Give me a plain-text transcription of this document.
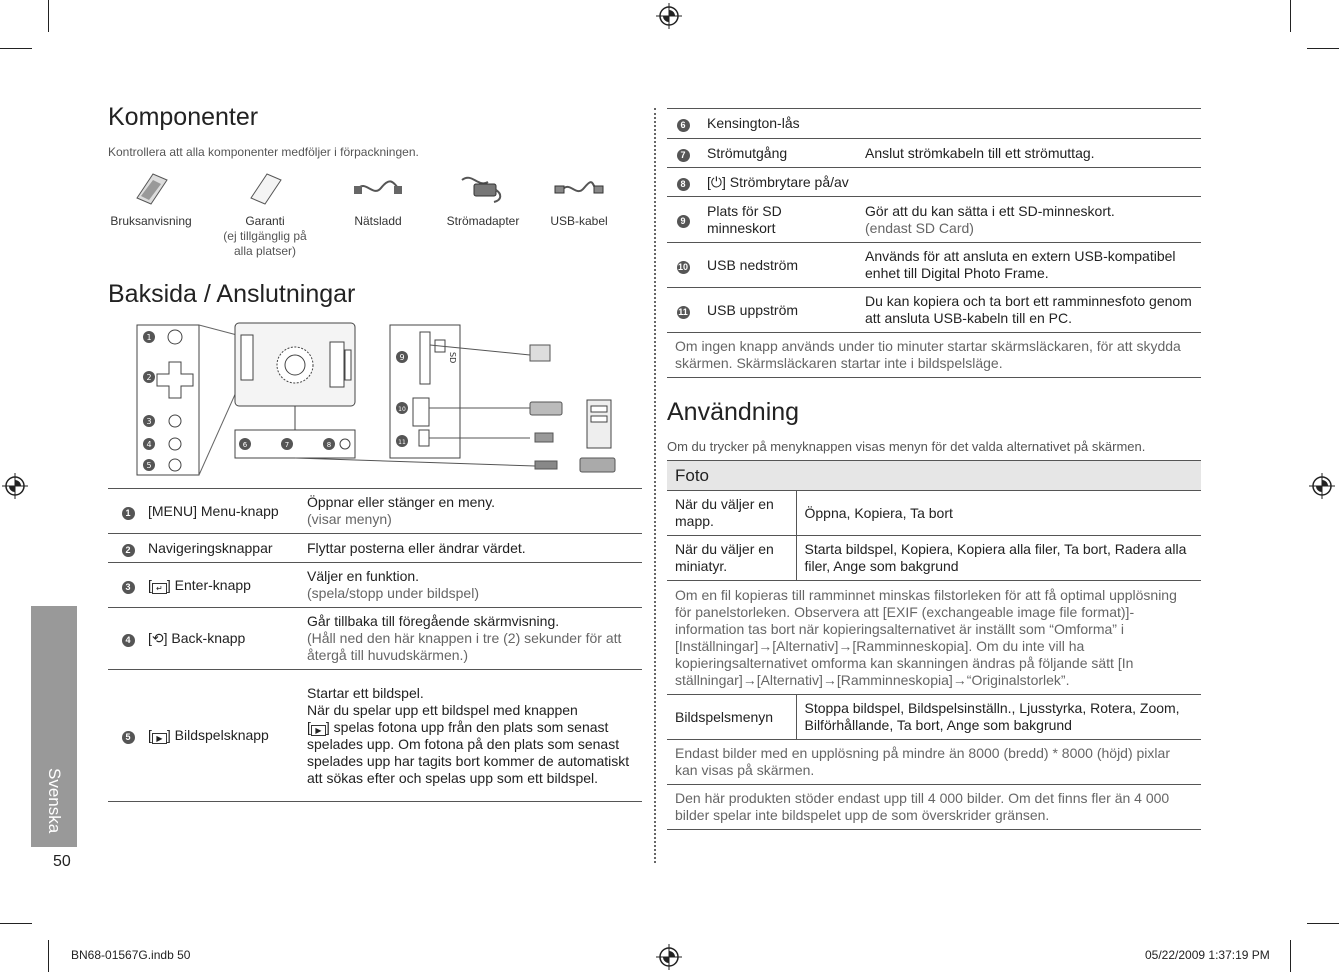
Komponenter
Kontrollera att alla komponenter medföljer i förpackningen.
Bruksanvisning	Garanti
(ej tillgänglig på
alla platser)
Nätsladd	Strömadapter	USB-kabel
Baksida / Anslutningar
1
2
3
4
5
6	7	8
SD
9
10
11
1	[MENU] Menu-knapp	Öppnar eller stänger en meny.
(visar menyn)

2	Navigeringsknappar	Flyttar posterna eller ändrar värdet.
3	[ ↵ ] Enter-knapp	Väljer en funktion.
(spela/stopp under bildspel)

4	[⟲] Back-knapp	Går tillbaka till föregående skärmvisning.
(Håll ned den här knappen i tre (2) sekunder för att återgå till huvudskärmen.)

5	[ ▶ ] Bildspelsknapp	Startar ett bildspel.
När du spelar upp ett bildspel med knappen
[ ▶ ] spelas fotona upp från den plats som senast spelades upp. Om fotona på den plats som senast spelades upp har tagits bort kommer de automatiskt att sökas efter och spelas upp som ett bildspel.
Svenska
50
6	Kensington-lås	
7	Strömutgång	Anslut strömkabeln till ett strömuttag.
8	[⏻] Strömbrytare på/av	
9	Plats för SD minneskort	Gör att du kan sätta i ett SD-minneskort.
(endast SD Card)

10	USB nedström	Används för att ansluta en extern USB-kompatibel enhet till Digital Photo Frame.
11	USB uppström	Du kan kopiera och ta bort ett ramminnesfoto genom att ansluta USB-kabeln till en PC.
Om ingen knapp används under tio minuter startar skärmsläckaren, för att skydda skärmen. Skärmsläckaren startar inte i bildspelsläge.		
Användning
Om du trycker på menyknappen visas menyn för det valda alternativet på skärmen.
Foto	
När du väljer en mapp.	Öppna, Kopiera, Ta bort
När du väljer en miniatyr.	Starta bildspel, Kopiera, Kopiera alla filer, Ta bort, Radera alla filer, Ange som bakgrund
Om en fil kopieras till ramminnet minskas filstorleken för att få optimal upplösning för panelstorleken. Observera att [EXIF (exchangeable image file format)]-information tas bort när kopieringsalternativet är inställt som “Omforma” i [Inställningar]→[Alternativ]→[Ramminneskopia]. Om du inte vill ha kopieringsalternativet omforma kan skanningen ändras på följande sätt [In ställningar]→[Alternativ]→[Ramminneskopia]→“Originalstorlek”.	
Bildspelsmenyn	Stoppa bildspel, Bildspelsinställn., Ljusstyrka, Rotera, Zoom, Bilförhållande, Ta bort, Ange som bakgrund
Endast bilder med en upplösning på mindre än 8000 (bredd) * 8000 (höjd) pixlar kan visas på skärmen.	
Den här produkten stöder endast upp till 4 000 bilder. Om det finns fler än 4 000 bilder spelar inte bildspelet upp de som överskrider gränsen.	
BN68-01567G.indb 50	05/22/2009 1:37:19 PM
